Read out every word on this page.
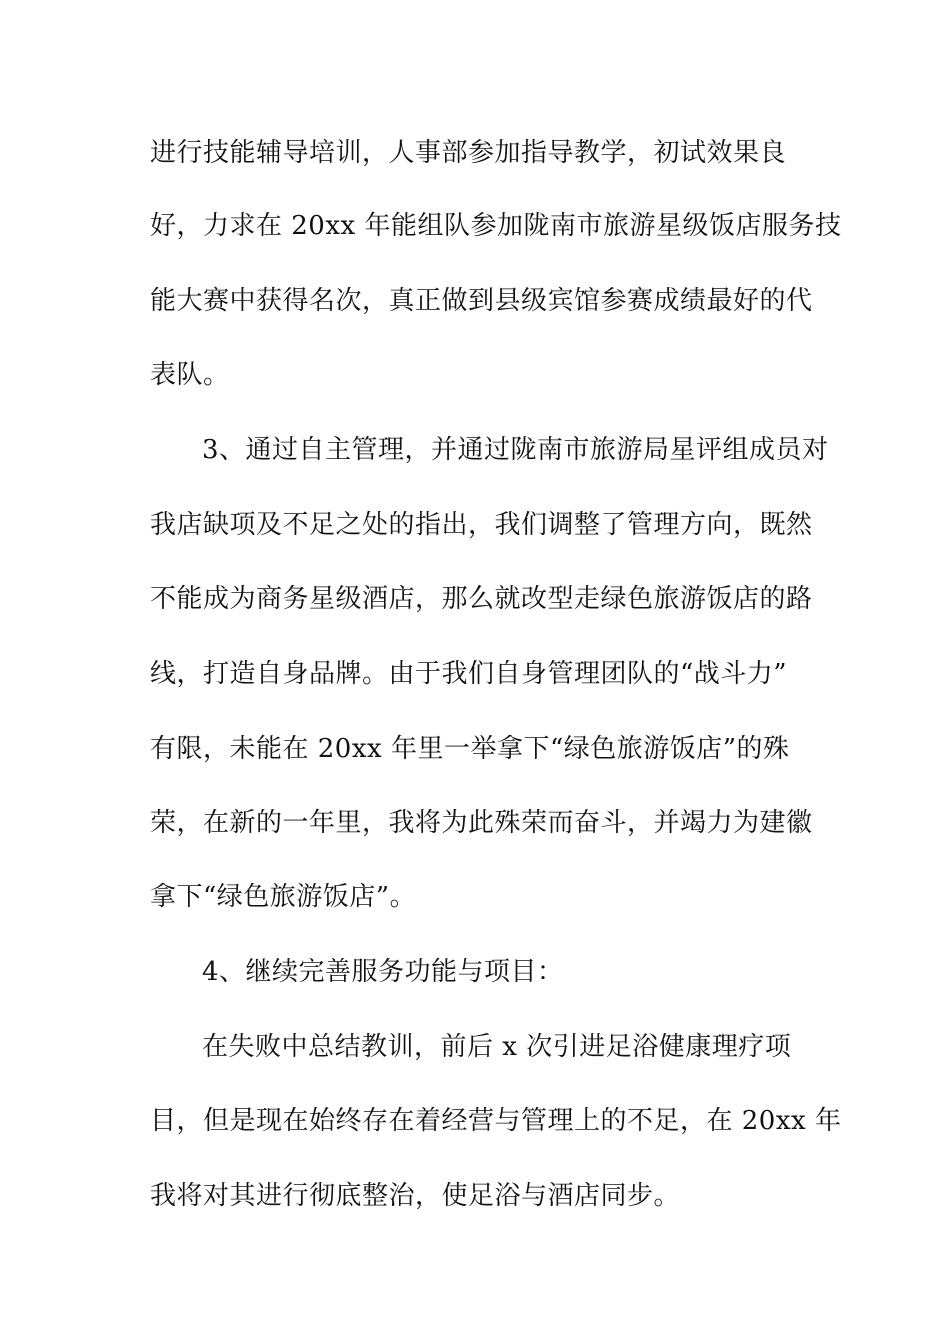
进行技能辅导培训，人事部参加指导教学，初试效果良
好，力求在 20xx 年能组队参加陇南市旅游星级饭店服务技
能大赛中获得名次，真正做到县级宾馆参赛成绩最好的代
表队。
3、通过自主管理，并通过陇南市旅游局星评组成员对
我店缺项及不足之处的指出，我们调整了管理方向，既然
不能成为商务星级酒店，那么就改型走绿色旅游饭店的路
线，打造自身品牌。由于我们自身管理团队的“战斗力”
有限，未能在 20xx 年里一举拿下“绿色旅游饭店”的殊
荣，在新的一年里，我将为此殊荣而奋斗，并竭力为建徽
拿下“绿色旅游饭店”。
4、继续完善服务功能与项目：
在失败中总结教训，前后 x 次引进足浴健康理疗项
目，但是现在始终存在着经营与管理上的不足，在 20xx 年
我将对其进行彻底整治，使足浴与酒店同步。
